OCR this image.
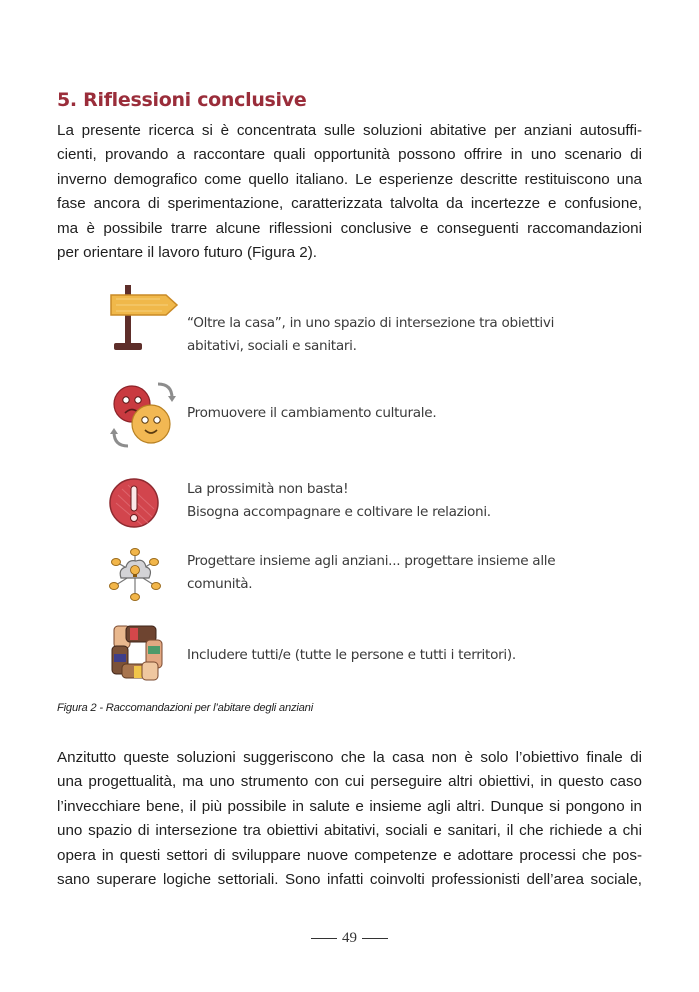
5. Riflessioni conclusive
La presente ricerca si è concentrata sulle soluzioni abitative per anziani autosuffi-
cienti, provando a raccontare quali opportunità possono offrire in uno scenario di
inverno demografico come quello italiano. Le esperienze descritte restituiscono una
fase ancora di sperimentazione, caratterizzata talvolta da incertezze e confusione,
ma è possibile trarre alcune riflessioni conclusive e conseguenti raccomandazioni
per orientare il lavoro futuro (Figura 2).
“Oltre la casa”, in uno spazio di intersezione tra obiettivi
abitativi, sociali e sanitari.
Promuovere il cambiamento culturale.
La prossimità non basta!
Bisogna accompagnare e coltivare le relazioni.
Progettare insieme agli anziani... progettare insieme alle
comunità.
Includere tutti/e (tutte le persone e tutti i territori).
Figura 2 - Raccomandazioni per l’abitare degli anziani
Anzitutto queste soluzioni suggeriscono che la casa non è solo l’obiettivo finale di
una progettualità, ma uno strumento con cui perseguire altri obiettivi, in questo caso
l’invecchiare bene, il più possibile in salute e insieme agli altri. Dunque si pongono in
uno spazio di intersezione tra obiettivi abitativi, sociali e sanitari, il che richiede a chi
opera in questi settori di sviluppare nuove competenze e adottare processi che pos-
sano superare logiche settoriali. Sono infatti coinvolti professionisti dell’area sociale,
49
